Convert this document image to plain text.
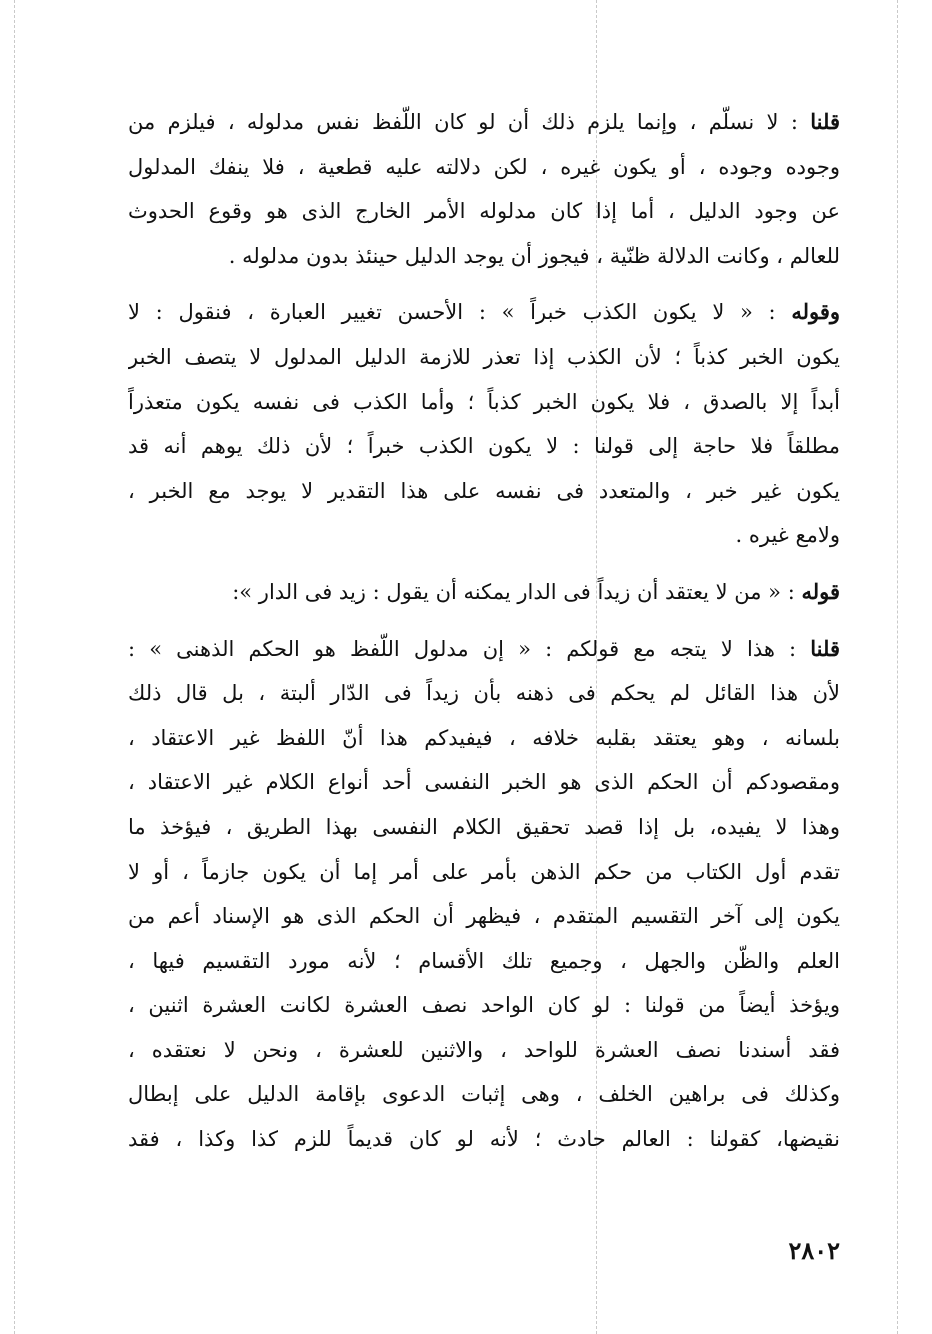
قلنا : لا نسلّم ، وإنما يلزم ذلك أن لو كان اللّفظ نفس مدلوله ، فيلزم من
وجوده وجوده ، أو يكون غيره ، لكن دلالته عليه قطعية ، فلا ينفك المدلول
عن وجود الدليل ، أما إذا كان مدلوله الأمر الخارج الذى هو وقوع الحدوث
للعالم ، وكانت الدلالة ظنّية ، فيجوز أن يوجد الدليل حينئذ بدون مدلوله .

وقوله : « لا يكون الكذب خبراً » : الأحسن تغيير العبارة ، فنقول : لا
يكون الخبر كذباً ؛ لأن الكذب إذا تعذر للازمة الدليل المدلول لا يتصف الخبر
أبداً إلا بالصدق ، فلا يكون الخبر كذباً ؛ وأما الكذب فى نفسه يكون متعذراً
مطلقاً فلا حاجة إلى قولنا : لا يكون الكذب خبراً ؛ لأن ذلك يوهم أنه قد
يكون غير خبر ، والمتعدد فى نفسه على هذا التقدير لا يوجد مع الخبر ،
ولامع غيره .

قوله : « من لا يعتقد أن زيداً فى الدار يمكنه أن يقول : زيد فى الدار »:

قلنا : هذا لا يتجه مع قولكم : « إن مدلول اللّفظ هو الحكم الذهنى » :
لأن هذا القائل لم يحكم فى ذهنه بأن زيداً فى الدّار ألبتة ، بل قال ذلك
بلسانه ، وهو يعتقد بقلبه خلافه ، فيفيدكم هذا أنّ اللفظ غير الاعتقاد ،
ومقصودكم أن الحكم الذى هو الخبر النفسى أحد أنواع الكلام غير الاعتقاد ،
وهذا لا يفيده، بل إذا قصد تحقيق الكلام النفسى بهذا الطريق ، فيؤخذ ما
تقدم أول الكتاب من حكم الذهن بأمر على أمر إما أن يكون جازماً ، أو لا
يكون إلى آخر التقسيم المتقدم ، فيظهر أن الحكم الذى هو الإسناد أعم من
العلم والظّن والجهل ، وجميع تلك الأقسام ؛ لأنه مورد التقسيم فيها ،
ويؤخذ أيضاً من قولنا : لو كان الواحد نصف العشرة لكانت العشرة اثنين ،
فقد أسندنا نصف العشرة للواحد ، والاثنين للعشرة ، ونحن لا نعتقده ،
وكذلك فى براهين الخلف ، وهى إثبات الدعوى بإقامة الدليل على إبطال
نقيضها، كقولنا : العالم حادث ؛ لأنه لو كان قديماً للزم كذا وكذا ، فقد

٢٨٠٢
